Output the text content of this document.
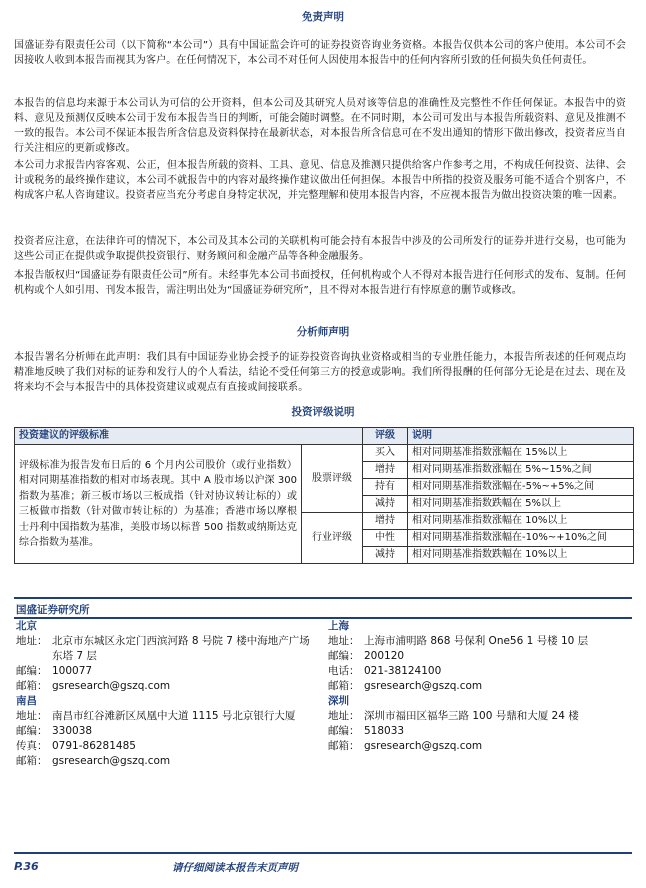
免责声明

国盛证券有限责任公司（以下简称“本公司”）具有中国证监会许可的证券投资咨询业务资格。本报告仅供本公司的客户使用。本公司不会因接收人收到本报告而视其为客户。在任何情况下，本公司不对任何人因使用本报告中的任何内容所引致的任何损失负任何责任。

本报告的信息均来源于本公司认为可信的公开资料，但本公司及其研究人员对该等信息的准确性及完整性不作任何保证。本报告中的资料、意见及预测仅反映本公司于发布本报告当日的判断，可能会随时调整。在不同时期，本公司可发出与本报告所载资料、意见及推测不一致的报告。本公司不保证本报告所含信息及资料保持在最新状态，对本报告所含信息可在不发出通知的情形下做出修改，投资者应当自行关注相应的更新或修改。

本公司力求报告内容客观、公正，但本报告所载的资料、工具、意见、信息及推测只提供给客户作参考之用，不构成任何投资、法律、会计或税务的最终操作建议，本公司不就报告中的内容对最终操作建议做出任何担保。本报告中所指的投资及服务可能不适合个别客户，不构成客户私人咨询建议。投资者应当充分考虑自身特定状况，并完整理解和使用本报告内容，不应视本报告为做出投资决策的唯一因素。

投资者应注意，在法律许可的情况下，本公司及其本公司的关联机构可能会持有本报告中涉及的公司所发行的证券并进行交易，也可能为这些公司正在提供或争取提供投资银行、财务顾问和金融产品等各种金融服务。

本报告版权归“国盛证券有限责任公司”所有。未经事先本公司书面授权，任何机构或个人不得对本报告进行任何形式的发布、复制。任何机构或个人如引用、刊发本报告，需注明出处为“国盛证券研究所”，且不得对本报告进行有悖原意的删节或修改。

分析师声明

本报告署名分析师在此声明：我们具有中国证券业协会授予的证券投资咨询执业资格或相当的专业胜任能力，本报告所表述的任何观点均精准地反映了我们对标的证券和发行人的个人看法，结论不受任何第三方的授意或影响。我们所得报酬的任何部分无论是在过去、现在及将来均不会与本报告中的具体投资建议或观点有直接或间接联系。

投资评级说明
投资建议的评级标准		评级	说明
评级标准为报告发布日后的 6 个月内公司股价（或行业指数）相对同期基准指数的相对市场表现。其中 A 股市场以沪深 300 指数为基准；新三板市场以三板成指（针对协议转让标的）或三板做市指数（针对做市转让标的）为基准；香港市场以摩根士丹利中国指数为基准，美股市场以标普 500 指数或纳斯达克综合指数为基准。	股票评级	买入	相对同期基准指数涨幅在 15%以上
		增持	相对同期基准指数涨幅在 5%~15%之间
		持有	相对同期基准指数涨幅在-5%~+5%之间
		减持	相对同期基准指数跌幅在 5%以上
	行业评级	增持	相对同期基准指数涨幅在 10%以上
		中性	相对同期基准指数涨幅在-10%~+10%之间
		减持	相对同期基准指数跌幅在 10%以上
国盛证券研究所
北京
地址： 北京市东城区永定门西滨河路 8 号院 7 楼中海地产广场东塔 7 层
邮编： 100077
邮箱： gsresearch@gszq.com
南昌
地址： 南昌市红谷滩新区凤凰中大道 1115 号北京银行大厦
邮编： 330038
传真： 0791-86281485
邮箱： gsresearch@gszq.com
上海
地址： 上海市浦明路 868 号保利 One56 1 号楼 10 层
邮编： 200120
电话： 021-38124100
邮箱： gsresearch@gszq.com
深圳
地址： 深圳市福田区福华三路 100 号鼎和大厦 24 楼
邮编： 518033
邮箱： gsresearch@gszq.com
P.36	请仔细阅读本报告末页声明
